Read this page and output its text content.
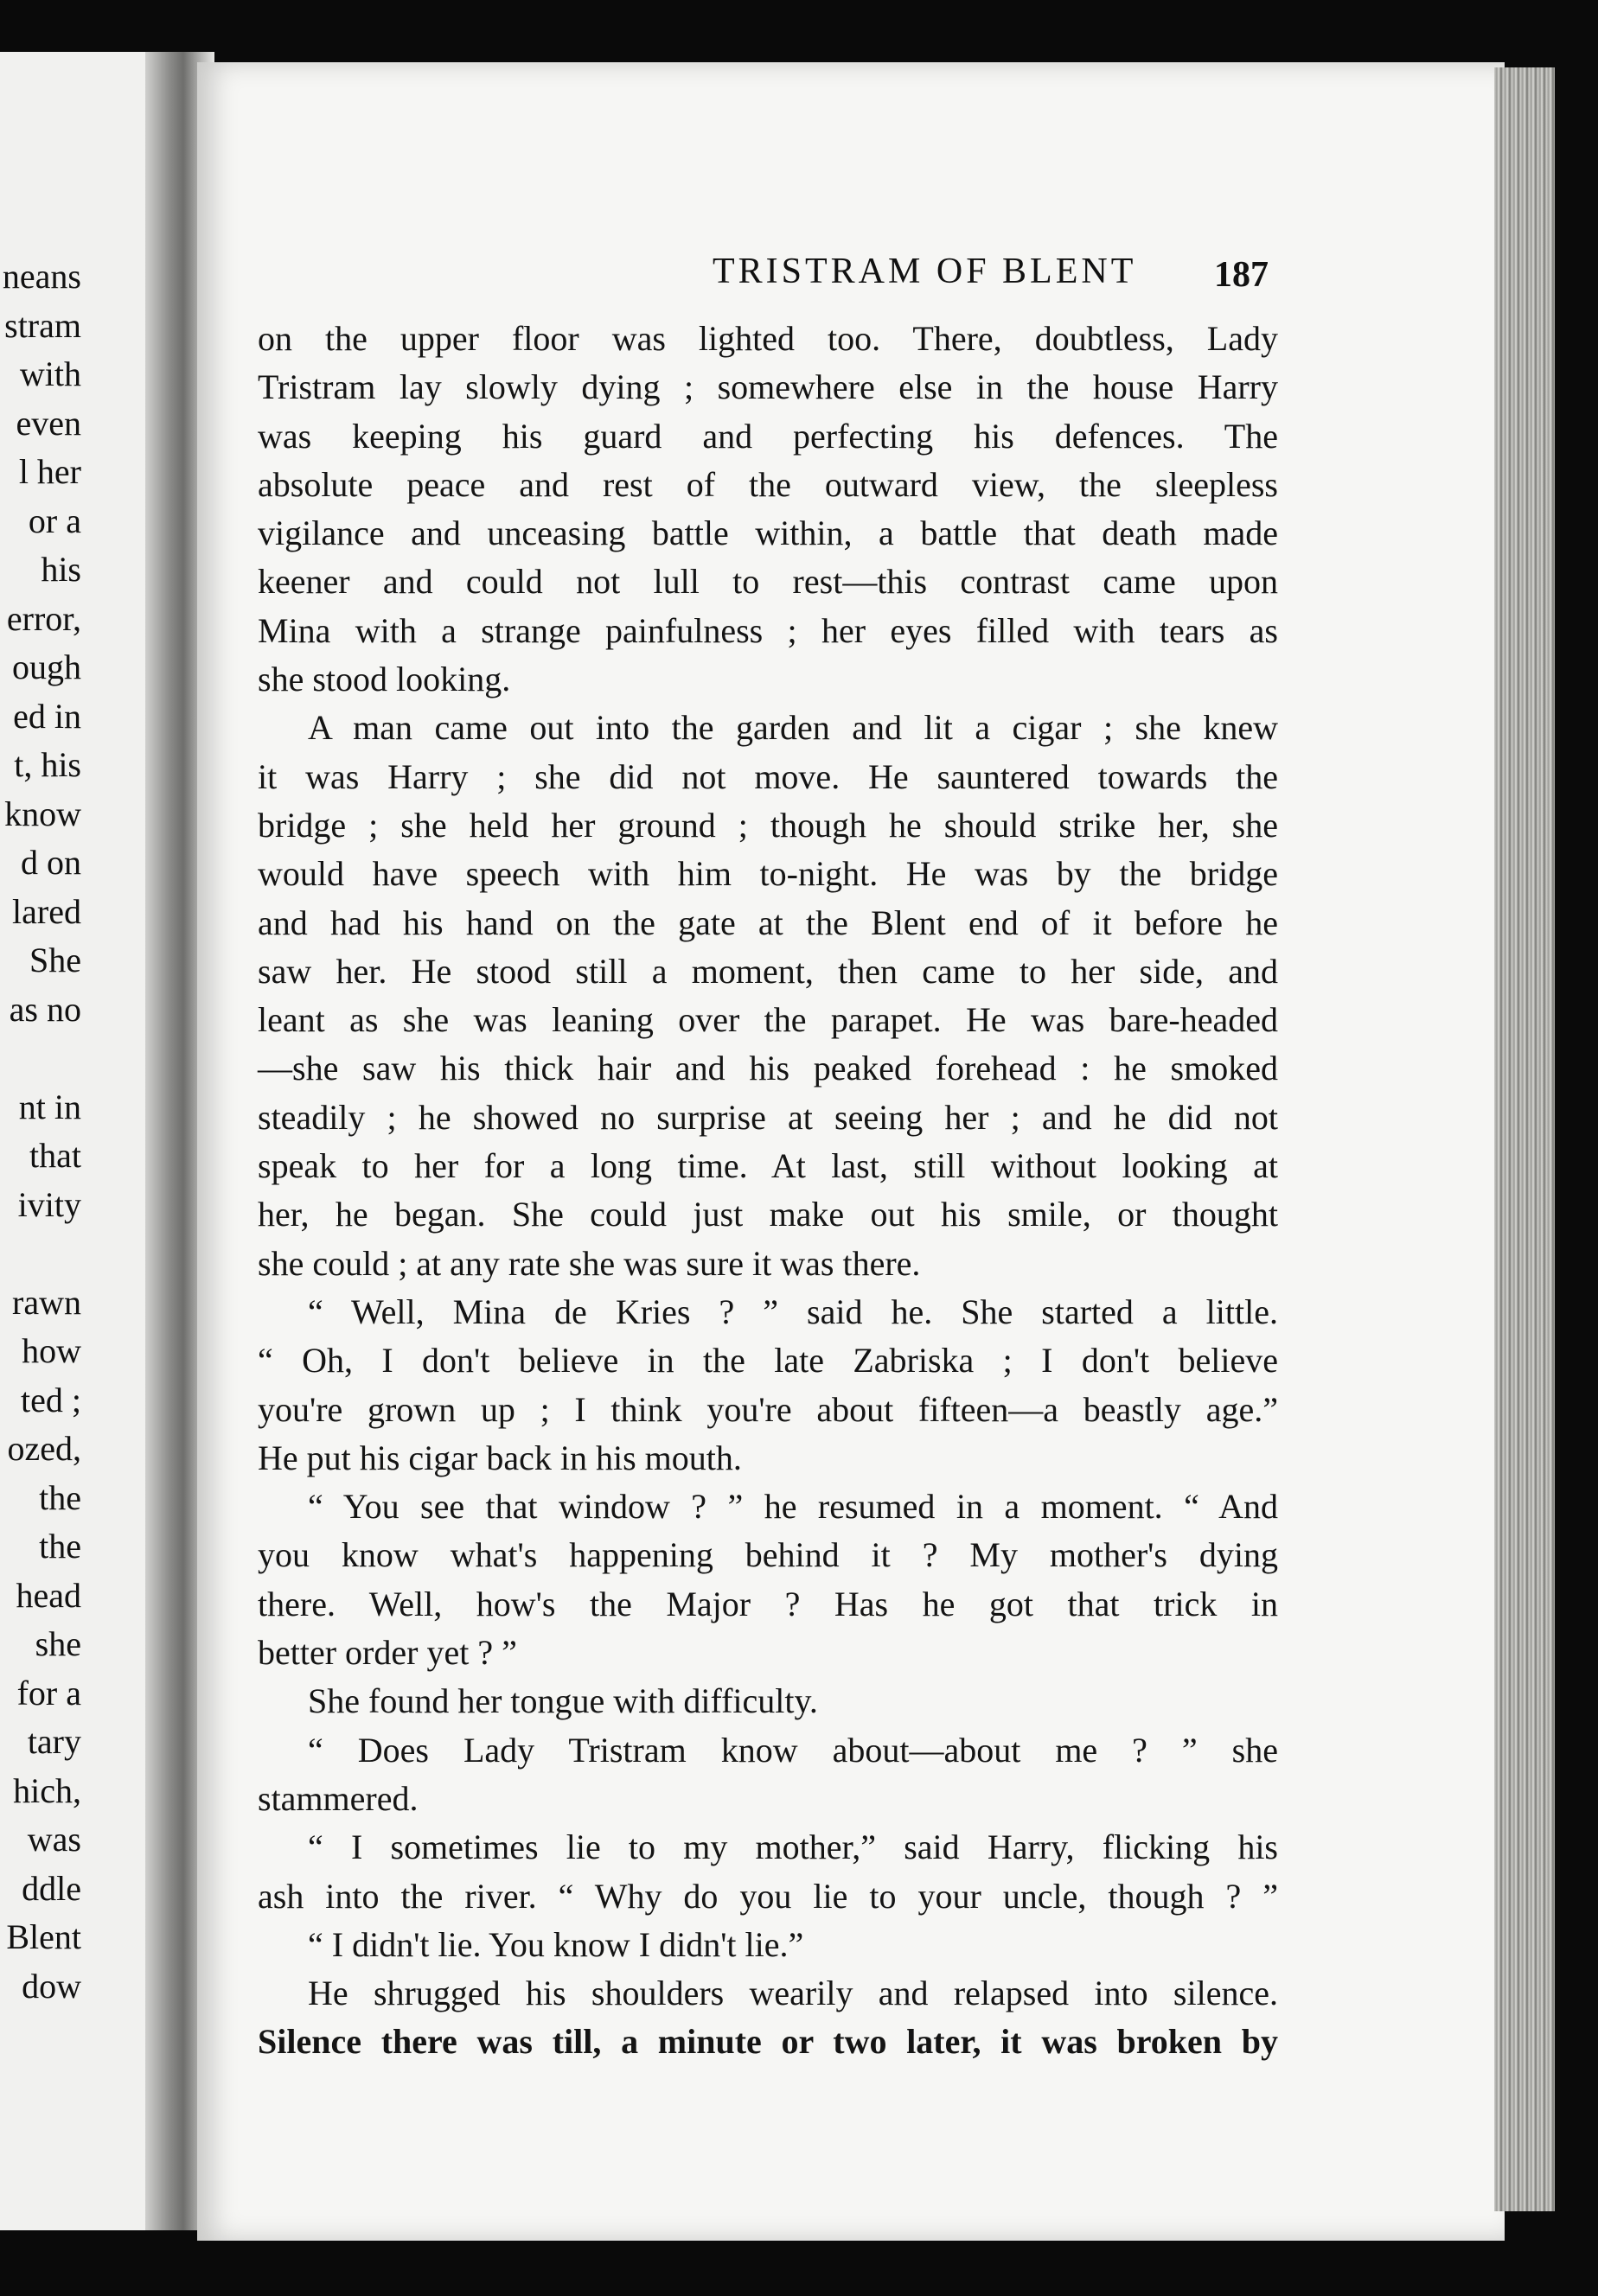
neans
stram
with
even
l her
or a
his
error,
ough
ed in
t, his
know
d on
lared
She
as no
nt in
that
ivity
rawn
how
ted ;
ozed,
the
the
head
she
for a
tary
hich,
was
ddle
Blent
dow
TRISTRAM OF BLENT 187
on the upper floor was lighted too. There, doubtless, Lady
Tristram lay slowly dying ; somewhere else in the house Harry
was keeping his guard and perfecting his defences. The
absolute peace and rest of the outward view, the sleepless
vigilance and unceasing battle within, a battle that death made
keener and could not lull to rest—this contrast came upon
Mina with a strange painfulness ; her eyes filled with tears as
she stood looking.
A man came out into the garden and lit a cigar ; she knew
it was Harry ; she did not move. He sauntered towards the
bridge ; she held her ground ; though he should strike her, she
would have speech with him to-night. He was by the bridge
and had his hand on the gate at the Blent end of it before he
saw her. He stood still a moment, then came to her side, and
leant as she was leaning over the parapet. He was bare-headed
—she saw his thick hair and his peaked forehead : he smoked
steadily ; he showed no surprise at seeing her ; and he did not
speak to her for a long time. At last, still without looking at
her, he began. She could just make out his smile, or thought
she could ; at any rate she was sure it was there.
“ Well, Mina de Kries ? ” said he. She started a little.
“ Oh, I don't believe in the late Zabriska ; I don't believe
you're grown up ; I think you're about fifteen—a beastly age.”
He put his cigar back in his mouth.
“ You see that window ? ” he resumed in a moment. “ And
you know what's happening behind it ? My mother's dying
there. Well, how's the Major ? Has he got that trick in
better order yet ? ”
She found her tongue with difficulty.
“ Does Lady Tristram know about—about me ? ” she
stammered.
“ I sometimes lie to my mother,” said Harry, flicking his
ash into the river. “ Why do you lie to your uncle, though ? ”
“ I didn't lie. You know I didn't lie.”
He shrugged his shoulders wearily and relapsed into silence.
Silence there was till, a minute or two later, it was broken by
